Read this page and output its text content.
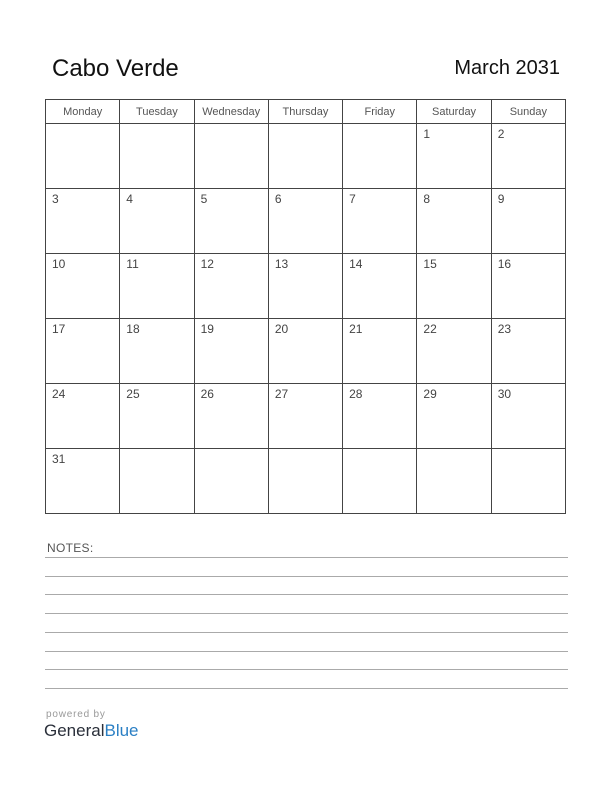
Cabo Verde	March 2031
Monday	Tuesday	Wednesday	Thursday	Friday	Saturday	Sunday

					1	2

3	4	5	6	7	8	9

10	11	12	13	14	15	16

17	18	19	20	21	22	23

24	25	26	27	28	29	30

31						

NOTES:
powered by
GeneralBlue
